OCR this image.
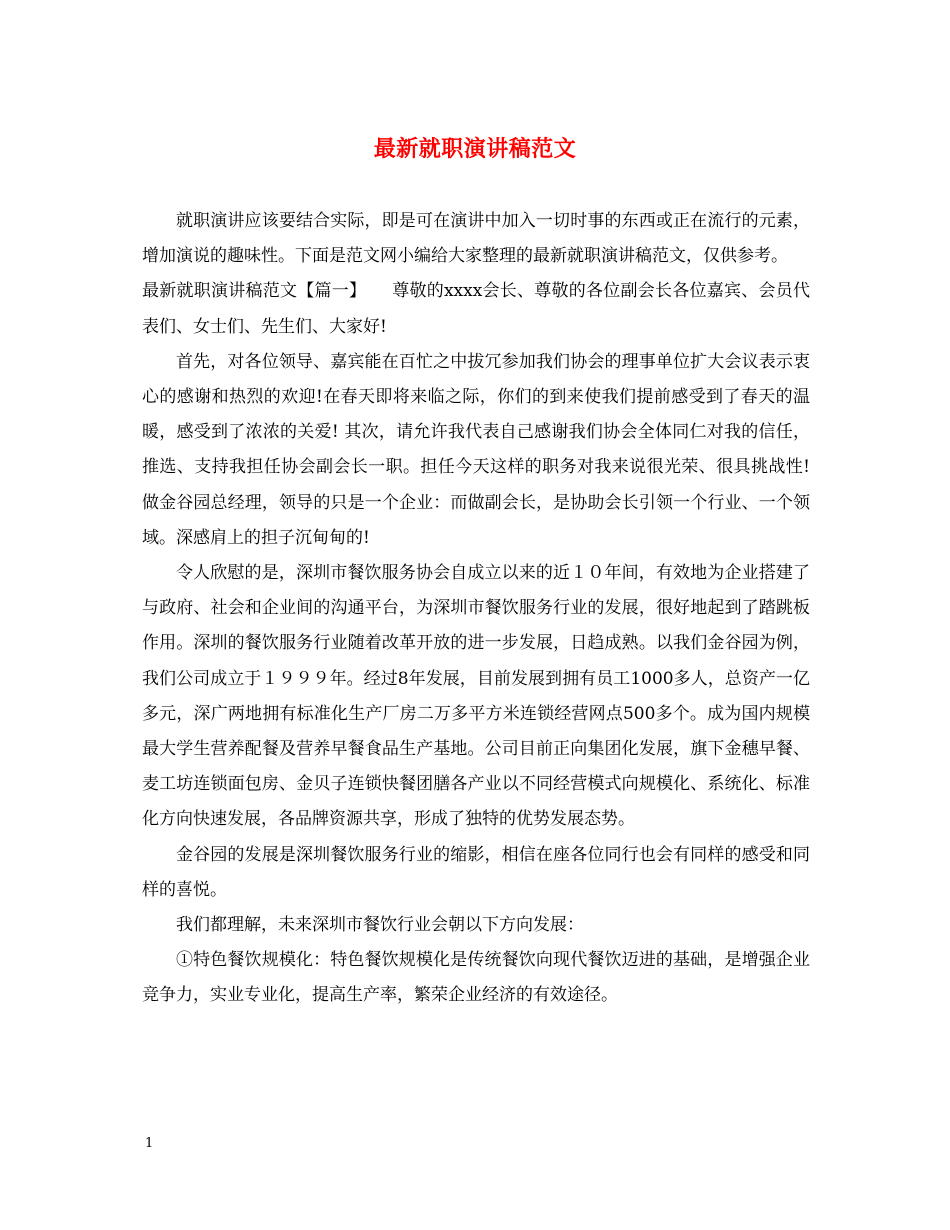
最新就职演讲稿范文

就职演讲应该要结合实际，即是可在演讲中加入一切时事的东西或正在流行的元素，增加演说的趣味性。下面是范文网小编给大家整理的最新就职演讲稿范文，仅供参考。

最新就职演讲稿范文【篇一】　　尊敬的xxxx会长、尊敬的各位副会长各位嘉宾、会员代表们、女士们、先生们、大家好!

首先，对各位领导、嘉宾能在百忙之中拔冗参加我们协会的理事单位扩大会议表示衷心的感谢和热烈的欢迎!在春天即将来临之际，你们的到来使我们提前感受到了春天的温暖，感受到了浓浓的关爱! 其次，请允许我代表自己感谢我们协会全体同仁对我的信任，推选、支持我担任协会副会长一职。担任今天这样的职务对我来说很光荣、很具挑战性!做金谷园总经理，领导的只是一个企业：而做副会长，是协助会长引领一个行业、一个领域。深感肩上的担子沉甸甸的!

令人欣慰的是，深圳市餐饮服务协会自成立以来的近１０年间，有效地为企业搭建了与政府、社会和企业间的沟通平台，为深圳市餐饮服务行业的发展，很好地起到了踏跳板作用。深圳的餐饮服务行业随着改革开放的进一步发展，日趋成熟。以我们金谷园为例，我们公司成立于１９９９年。经过8年发展，目前发展到拥有员工1000多人，总资产一亿多元，深广两地拥有标准化生产厂房二万多平方米连锁经营网点500多个。成为国内规模最大学生营养配餐及营养早餐食品生产基地。公司目前正向集团化发展，旗下金穗早餐、麦工坊连锁面包房、金贝子连锁快餐团膳各产业以不同经营模式向规模化、系统化、标准化方向快速发展，各品牌资源共享，形成了独特的优势发展态势。

金谷园的发展是深圳餐饮服务行业的缩影，相信在座各位同行也会有同样的感受和同样的喜悦。

我们都理解，未来深圳市餐饮行业会朝以下方向发展：

①特色餐饮规模化：特色餐饮规模化是传统餐饮向现代餐饮迈进的基础，是增强企业竞争力，实业专业化，提高生产率，繁荣企业经济的有效途径。

1
